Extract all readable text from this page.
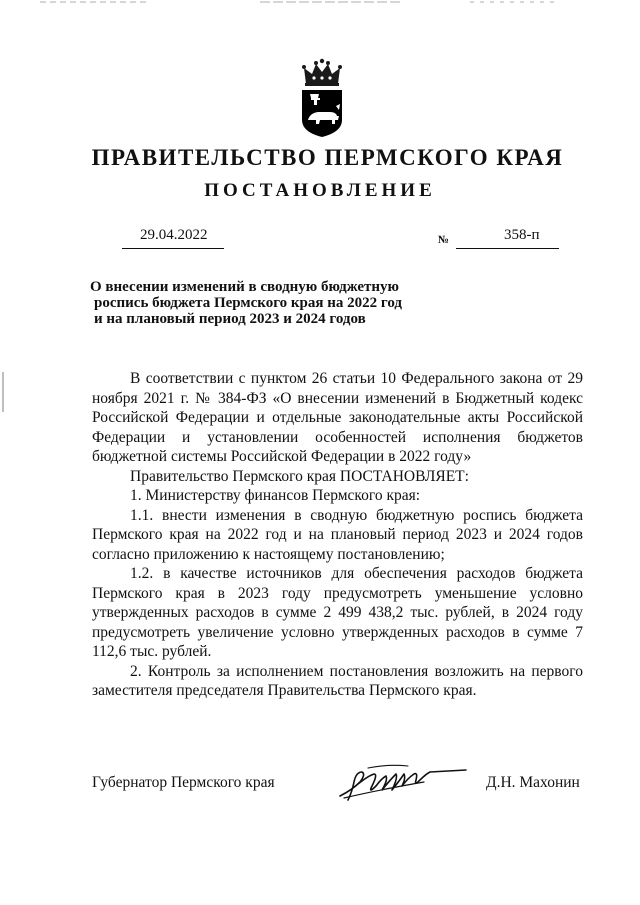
ПРАВИТЕЛЬСТВО ПЕРМСКОГО КРАЯ
ПОСТАНОВЛЕНИЕ
29.04.2022	№	358-п
О внесении изменений в сводную бюджетную
роспись бюджета Пермского края на 2022 год
и на плановый период 2023 и 2024 годов

В соответствии с пунктом 26 статьи 10 Федерального закона от 29 ноября 2021 г. № 384-ФЗ «О внесении изменений в Бюджетный кодекс Российской Федерации и отдельные законодательные акты Российской Федерации и установлении особенностей исполнения бюджетов бюджетной системы Российской Федерации в 2022 году»

Правительство Пермского края ПОСТАНОВЛЯЕТ:

1. Министерству финансов Пермского края:

1.1. внести изменения в сводную бюджетную роспись бюджета Пермского края на 2022 год и на плановый период 2023 и 2024 годов согласно приложению к настоящему постановлению;

1.2. в качестве источников для обеспечения расходов бюджета Пермского края в 2023 году предусмотреть уменьшение условно утвержденных расходов в сумме 2 499 438,2 тыс. рублей, в 2024 году предусмотреть увеличение условно утвержденных расходов в сумме 7 112,6 тыс. рублей.

2. Контроль за исполнением постановления возложить на первого заместителя председателя Правительства Пермского края.

Губернатор Пермского края	Д.Н. Махонин
